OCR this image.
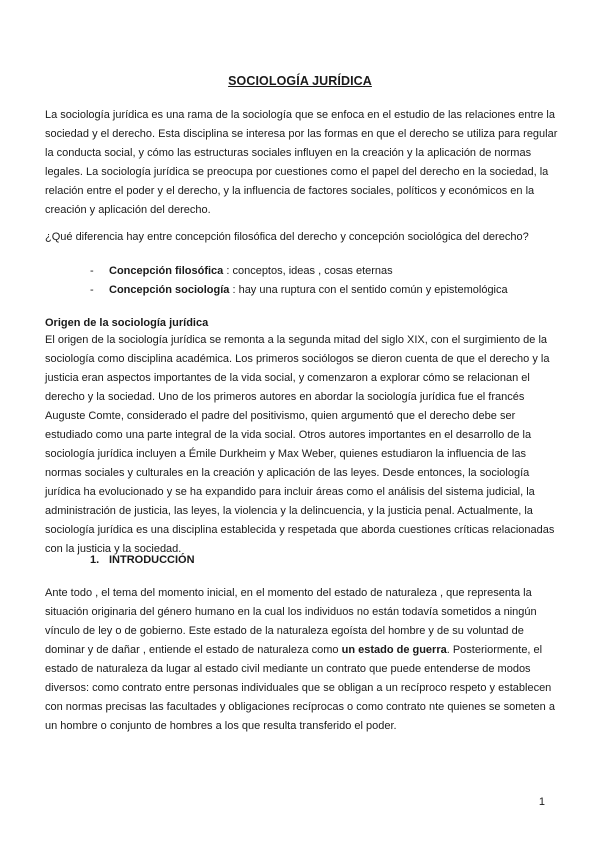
SOCIOLOGÍA JURÍDICA

La sociología jurídica es una rama de la sociología que se enfoca en el estudio de las relaciones entre la sociedad y el derecho. Esta disciplina se interesa por las formas en que el derecho se utiliza para regular la conducta social, y cómo las estructuras sociales influyen en la creación y la aplicación de normas legales. La sociología jurídica se preocupa por cuestiones como el papel del derecho en la sociedad, la relación entre el poder y el derecho, y la influencia de factores sociales, políticos y económicos en la creación y aplicación del derecho.

¿Qué diferencia hay entre concepción filosófica del derecho y concepción sociológica del derecho?

- Concepción filosófica : conceptos, ideas , cosas eternas
- Concepción sociología : hay una ruptura con el sentido común y epistemológica
Origen de la sociología jurídica

El origen de la sociología jurídica se remonta a la segunda mitad del siglo XIX, con el surgimiento de la sociología como disciplina académica. Los primeros sociólogos se dieron cuenta de que el derecho y la justicia eran aspectos importantes de la vida social, y comenzaron a explorar cómo se relacionan el derecho y la sociedad. Uno de los primeros autores en abordar la sociología jurídica fue el francés Auguste Comte, considerado el padre del positivismo, quien argumentó que el derecho debe ser estudiado como una parte integral de la vida social. Otros autores importantes en el desarrollo de la sociología jurídica incluyen a Émile Durkheim y Max Weber, quienes estudiaron la influencia de las normas sociales y culturales en la creación y aplicación de las leyes. Desde entonces, la sociología jurídica ha evolucionado y se ha expandido para incluir áreas como el análisis del sistema judicial, la administración de justicia, las leyes, la violencia y la delincuencia, y la justicia penal. Actualmente, la sociología jurídica es una disciplina establecida y respetada que aborda cuestiones críticas relacionadas con la justicia y la sociedad.

1. INTRODUCCIÓN

Ante todo , el tema del momento inicial, en el momento del estado de naturaleza , que representa la situación originaria del género humano en la cual los individuos no están todavía sometidos a ningún vínculo de ley o de gobierno. Este estado de la naturaleza egoísta del hombre y de su voluntad de dominar y de dañar , entiende el estado de naturaleza como un estado de guerra. Posteriormente, el estado de naturaleza da lugar al estado civil mediante un contrato que puede entenderse de modos diversos: como contrato entre personas individuales que se obligan a un recíproco respeto y establecen con normas precisas las facultades y obligaciones recíprocas o como contrato nte quienes se someten a un hombre o conjunto de hombres a los que resulta transferido el poder.

1
